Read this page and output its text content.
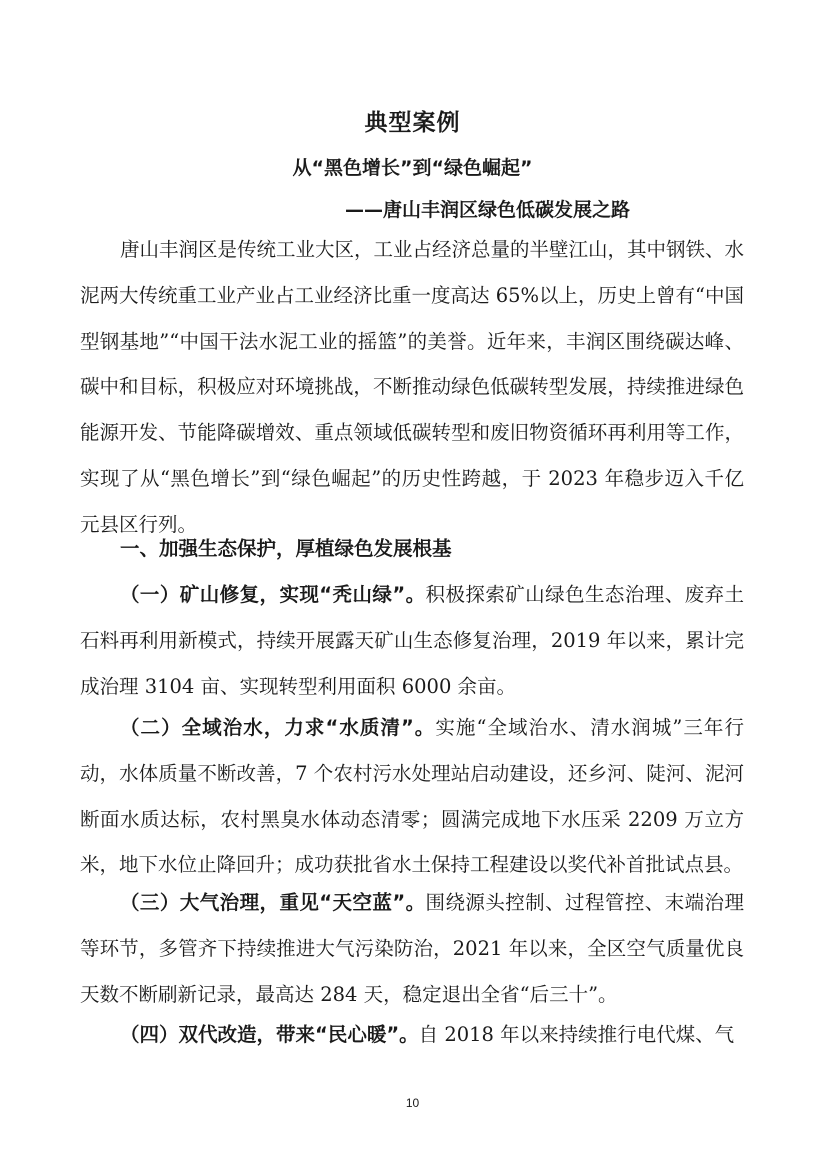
典型案例
从“黑色增长”到“绿色崛起”
——唐山丰润区绿色低碳发展之路

唐山丰润区是传统工业大区，工业占经济总量的半壁江山，其中钢铁、水泥两大传统重工业产业占工业经济比重一度高达 65%以上，历史上曾有“中国型钢基地”“中国干法水泥工业的摇篮”的美誉。近年来，丰润区围绕碳达峰、碳中和目标，积极应对环境挑战，不断推动绿色低碳转型发展，持续推进绿色能源开发、节能降碳增效、重点领域低碳转型和废旧物资循环再利用等工作，实现了从“黑色增长”到“绿色崛起”的历史性跨越，于 2023 年稳步迈入千亿元县区行列。

一、加强生态保护，厚植绿色发展根基

（一）矿山修复，实现“秃山绿”。积极探索矿山绿色生态治理、废弃土石料再利用新模式，持续开展露天矿山生态修复治理，2019 年以来，累计完成治理 3104 亩、实现转型利用面积 6000 余亩。

（二）全域治水，力求“水质清”。实施“全域治水、清水润城”三年行动，水体质量不断改善，7 个农村污水处理站启动建设，还乡河、陡河、泥河断面水质达标，农村黑臭水体动态清零；圆满完成地下水压采 2209 万立方米，地下水位止降回升；成功获批省水土保持工程建设以奖代补首批试点县。

（三）大气治理，重见“天空蓝”。围绕源头控制、过程管控、末端治理等环节，多管齐下持续推进大气污染防治，2021 年以来，全区空气质量优良天数不断刷新记录，最高达 284 天，稳定退出全省“后三十”。

（四）双代改造，带来“民心暖”。自 2018 年以来持续推行电代煤、气

10
